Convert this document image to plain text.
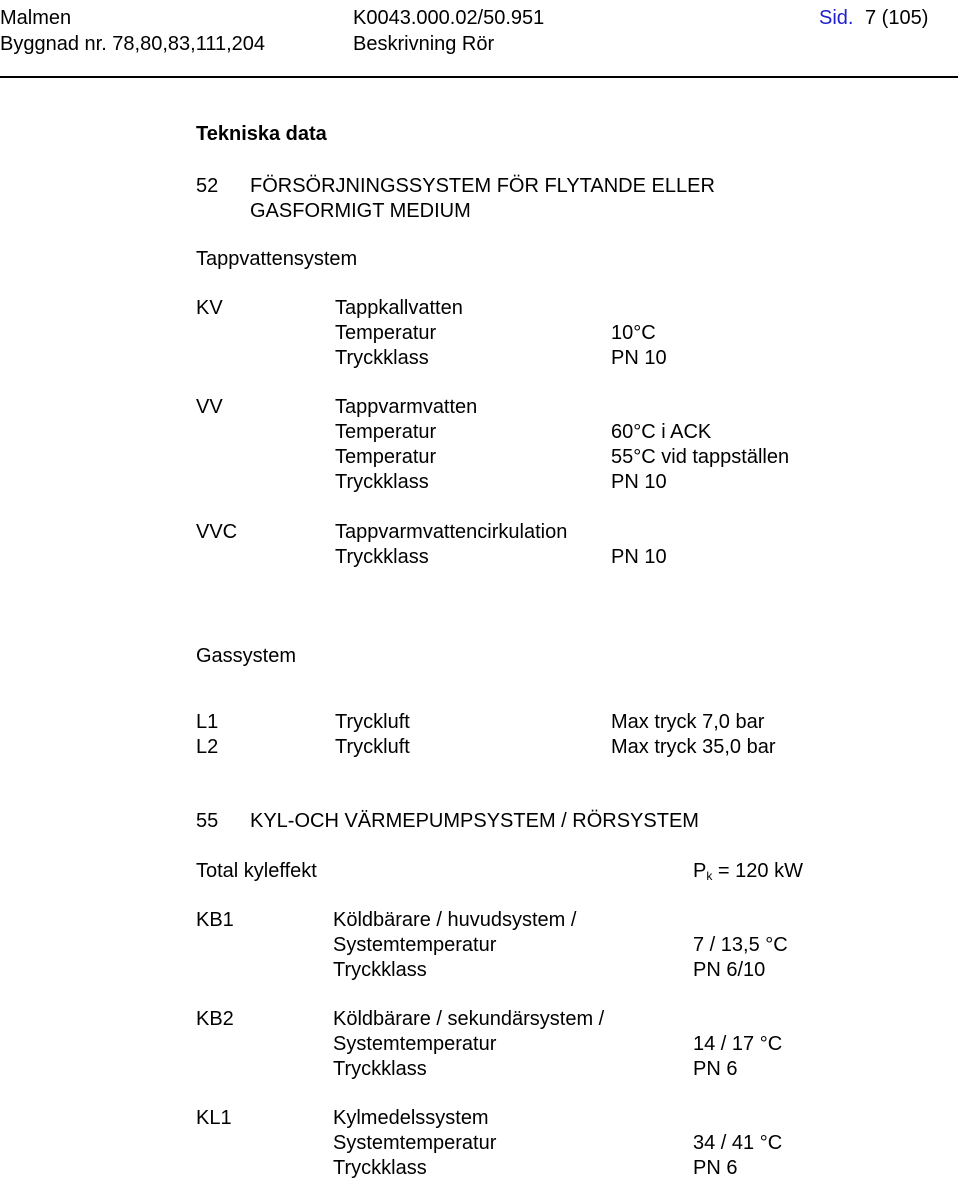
Malmen
Byggnad nr. 78,80,83,111,204
K0043.000.02/50.951
Beskrivning Rör
Sid. 7 (105)
Tekniska data
52 FÖRSÖRJNINGSSYSTEM FÖR FLYTANDE ELLER
GASFORMIGT MEDIUM
Tappvattensystem
KV	Tappkallvatten
Temperatur	10°C
Tryckklass	PN 10
VV	Tappvarmvatten
Temperatur	60°C i ACK
Temperatur	55°C vid tappställen
Tryckklass	PN 10
VVC	Tappvarmvattencirkulation
Tryckklass	PN 10
Gassystem
L1	Tryckluft	Max tryck 7,0 bar
L2	Tryckluft	Max tryck 35,0 bar
55 KYL-OCH VÄRMEPUMPSYSTEM / RÖRSYSTEM
Total kyleffekt	$P_k = 120$ kW
KB1	Köldbärare / huvudsystem /
Systemtemperatur	7 / 13,5 °C
Tryckklass	PN 6/10
KB2	Köldbärare / sekundärsystem /
Systemtemperatur	14 / 17 °C
Tryckklass	PN 6
KL1	Kylmedelssystem
Systemtemperatur	34 / 41 °C
Tryckklass	PN 6
